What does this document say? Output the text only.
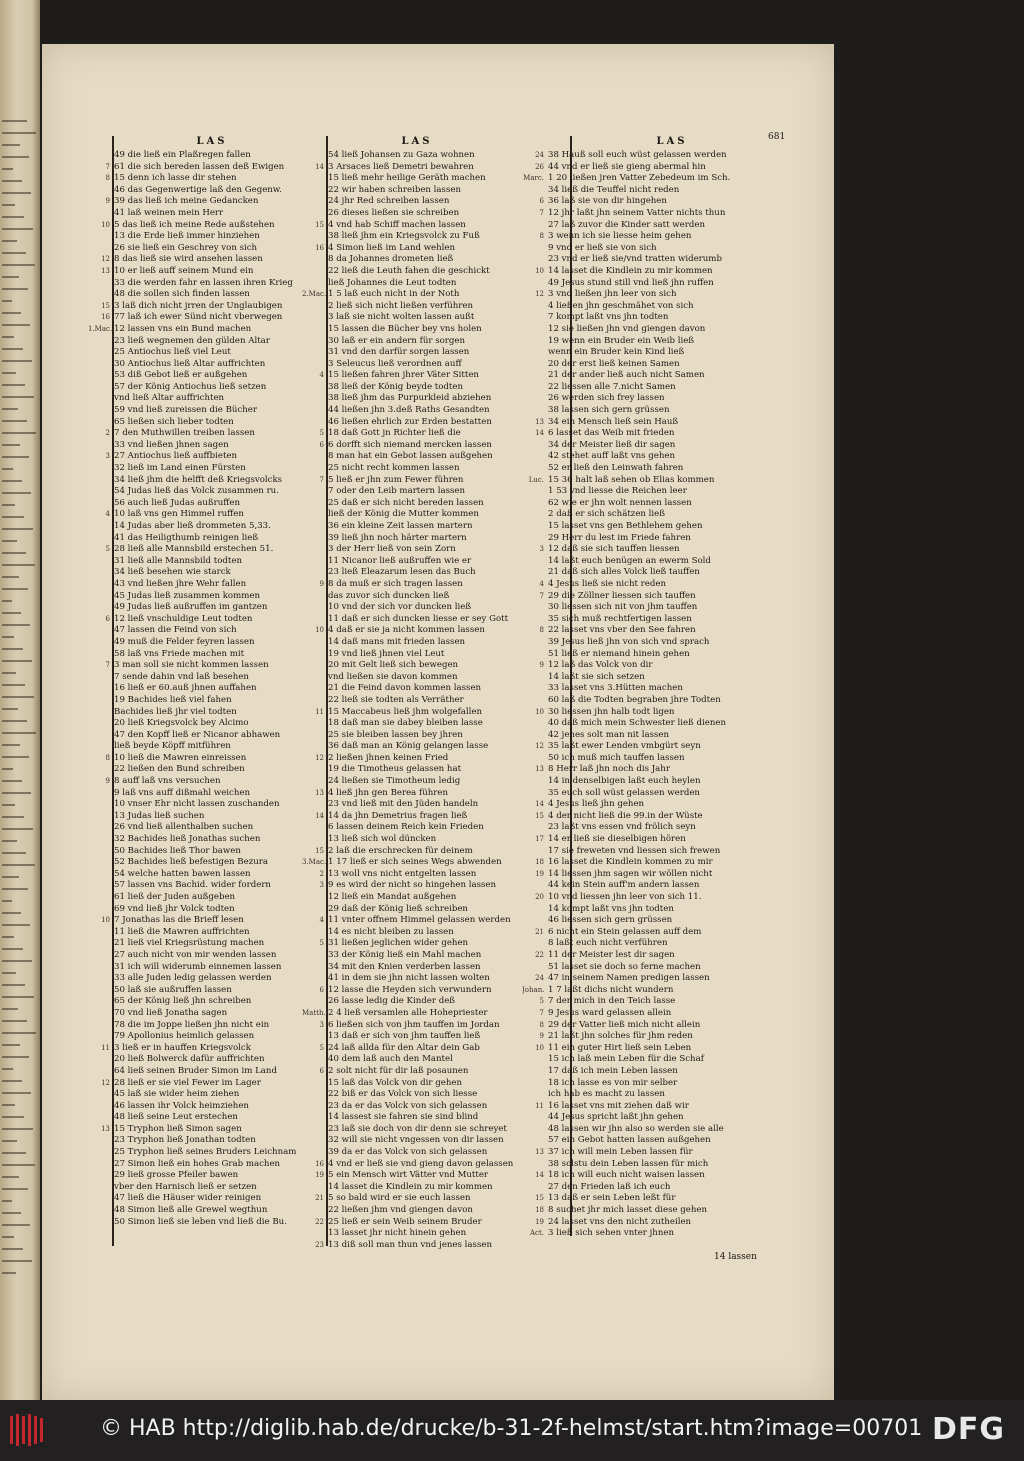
681
LAS
49 die ließ ein Plaßregen fallen
7 61 die sich bereden lassen deß Ewigen
8 15 denn ich lasse dir stehen
46 das Gegenwertige laß den Gegenw.
9 39 das ließ ich meine Gedancken
41 laß weinen mein Herr
10 5 das ließ ich meine Rede außstehen
13 die Erde ließ immer hinziehen
26 sie ließ ein Geschrey von sich
12 8 das ließ sie wird ansehen lassen
13 10 er ließ auff seinem Mund ein
33 die werden fahr en lassen ihren Krieg
48 die sollen sich finden lassen
15 3 laß dich nicht jrren der Unglaubigen
16 77 laß ich ewer Sünd nicht vberwegen
1.Mac. 12 lassen vns ein Bund machen
23 ließ wegnemen den gülden Altar
25 Antiochus ließ viel Leut
30 Antiochus ließ Altar auffrichten
53 diß Gebot ließ er außgehen
57 der König Antiochus ließ setzen
vnd ließ Altar auffrichten
59 vnd ließ zureissen die Bücher
65 ließen sich lieber todten
2 7 den Muthwillen treiben lassen
33 vnd ließen jhnen sagen
3 27 Antiochus ließ auffbieten
32 ließ im Land einen Fürsten
34 ließ jhm die helfft deß Kriegsvolcks
54 Judas ließ das Volck zusammen ru.
56 auch ließ Judas außruffen
4 10 laß vns gen Himmel ruffen
14 Judas aber ließ drommeten 5,33.
41 das Heiligthumb reinigen ließ
5 28 ließ alle Mannsbild erstechen 51.
31 ließ alle Mannsbild todten
34 ließ besehen wie starck
43 vnd ließen jhre Wehr fallen
45 Judas ließ zusammen kommen
49 Judas ließ außruffen im gantzen
6 12 ließ vnschuldige Leut todten
47 lassen die Feind von sich
49 muß die Felder feyren lassen
58 laß vns Friede machen mit
7 3 man soll sie nicht kommen lassen
7 sende dahin vnd laß besehen
16 ließ er 60.auß jhnen auffahen
19 Bachides ließ viel fahen
Bachides ließ jhr viel todten
20 ließ Kriegsvolck bey Alcimo
47 den Kopff ließ er Nicanor abhawen
ließ beyde Köpff mitführen
8 10 ließ die Mawren einreissen
22 ließen den Bund schreiben
9 8 auff laß vns versuchen
9 laß vns auff dißmahl weichen
10 vnser Ehr nicht lassen zuschanden
13 Judas ließ suchen
26 vnd ließ allenthalben suchen
32 Bachides ließ Jonathas suchen
50 Bachides ließ Thor bawen
52 Bachides ließ befestigen Bezura
54 welche hatten bawen lassen
57 lassen vns Bachid. wider fordern
61 ließ der Juden außgeben
69 vnd ließ jhr Volck todten
10 7 Jonathas las die Brieff lesen
11 ließ die Mawren auffrichten
21 ließ viel Kriegsrüstung machen
27 auch nicht von mir wenden lassen
31 ich will widerumb einnemen lassen
33 alle Juden ledig gelassen werden
50 laß sie außruffen lassen
65 der König ließ jhn schreiben
70 vnd ließ Jonatha sagen
78 die im Joppe ließen jhn nicht ein
79 Apollonius heimlich gelassen
11 3 ließ er in hauffen Kriegsvolck
20 ließ Bolwerck dafür auffrichten
64 ließ seinen Bruder Simon im Land
12 28 ließ er sie viel Fewer im Lager
45 laß sie wider heim ziehen
46 lassen ihr Volck heimziehen
48 ließ seine Leut erstechen
13 15 Tryphon ließ Simon sagen
23 Tryphon ließ Jonathan todten
25 Tryphon ließ seines Bruders Leichnam
27 Simon ließ ein hohes Grab machen
29 ließ grosse Pfeiler bawen
vber den Harnisch ließ er setzen
47 ließ die Häuser wider reinigen
48 Simon ließ alle Grewel wegthun
50 Simon ließ sie leben vnd ließ die Bu.
LAS
54 ließ Johansen zu Gaza wohnen
14 3 Arsaces ließ Demetri bewahren
15 ließ mehr heilige Geräth machen
22 wir haben schreiben lassen
24 jhr Red schreiben lassen
26 dieses ließen sie schreiben
15 4 vnd hab Schiff machen lassen
38 ließ jhm ein Kriegsvolck zu Fuß
16 4 Simon ließ im Land wehlen
8 da Johannes drometen ließ
22 ließ die Leuth fahen die geschickt
ließ Johannes die Leut todten
2.Mac. 1 5 laß euch nicht in der Noth
2 ließ sich nicht ließen verführen
3 laß sie nicht wolten lassen außt
15 lassen die Bücher bey vns holen
30 laß er ein andern für sorgen
31 vnd den darfür sorgen lassen
3 Seleucus ließ verordnen auff
4 15 ließen fahren jhrer Väter Sitten
38 ließ der König beyde todten
38 ließ jhm das Purpurkleid abziehen
44 ließen jhn 3.deß Raths Gesandten
46 ließen ehrlich zur Erden bestatten
5 18 daß Gott jn Richter ließ die
6 6 dorfft sich niemand mercken lassen
8 man hat ein Gebot lassen außgehen
25 nicht recht kommen lassen
7 5 ließ er jhn zum Fewer führen
7 oder den Leib martern lassen
25 daß er sich nicht bereden lassen
ließ der König die Mutter kommen
36 ein kleine Zeit lassen martern
39 ließ jhn noch härter martern
3 der Herr ließ von sein Zorn
11 Nicanor ließ außruffen wie er
23 ließ Eleazarum lesen das Buch
9 8 da muß er sich tragen lassen
das zuvor sich duncken ließ
10 vnd der sich vor duncken ließ
11 daß er sich duncken liesse er sey Gott
10 4 daß er sie ja nicht kommen lassen
14 daß mans mit frieden lassen
19 vnd ließ jhnen viel Leut
20 mit Gelt ließ sich bewegen
vnd ließen sie davon kommen
21 die Feind davon kommen lassen
22 ließ sie todten als Verräther
11 15 Maccabeus ließ jhm wolgefallen
18 daß man sie dabey bleiben lasse
25 sie bleiben lassen bey jhren
36 daß man an König gelangen lasse
12 2 ließen jhnen keinen Fried
19 die Timotheus gelassen hat
24 ließen sie Timotheum ledig
13 4 ließ jhn gen Berea führen
23 vnd ließ mit den Jüden handeln
14 14 da jhn Demetrius fragen ließ
6 lassen deinem Reich kein Frieden
13 ließ sich wol düncken
15 2 laß die erschrecken für deinem
3.Mac. 1 17 ließ er sich seines Wegs abwenden
2 13 woll vns nicht entgelten lassen
3 9 es wird der nicht so hingehen lassen
12 ließ ein Mandat außgehen
29 daß der König ließ schreiben
4 11 vnter offnem Himmel gelassen werden
14 es nicht bleiben zu lassen
5 31 ließen jeglichen wider gehen
33 der König ließ ein Mahl machen
34 mit den Knien verderben lassen
41 in dem sie jhn nicht lassen wolten
6 12 lasse die Heyden sich verwundern
26 lasse ledig die Kinder deß
Matth. 2 4 ließ versamlen alle Hohepriester
3 6 ließen sich von jhm tauffen im Jordan
13 daß er sich von jhm tauffen ließ
5 24 laß allda für den Altar dein Gab
40 dem laß auch den Mantel
6 2 solt nicht für dir laß posaunen
15 laß das Volck von dir gehen
22 biß er das Volck von sich liesse
23 da er das Volck von sich gelassen
14 lassest sie fahren sie sind blind
23 laß sie doch von dir denn sie schreyet
32 will sie nicht vngessen von dir lassen
39 da er das Volck von sich gelassen
16 4 vnd er ließ sie vnd gieng davon gelassen
19 5 ein Mensch wirt Vätter vnd Mutter
14 lasset die Kindlein zu mir kommen
21 5 so bald wird er sie euch lassen
22 ließen jhm vnd giengen davon
22 25 ließ er sein Weib seinem Bruder
13 lasset jhr nicht hinein gehen
23 13 diß soll man thun vnd jenes lassen
LAS
24 38 Hauß soll euch wüst gelassen werden
26 44 vnd er ließ sie gieng abermal hin
Marc. 1 20 ließen jren Vatter Zebedeum im Sch.
34 ließ die Teuffel nicht reden
6 36 laß sie von dir hingehen
7 12 jhr laßt jhn seinem Vatter nichts thun
27 laß zuvor die Kinder satt werden
8 3 wenn ich sie liesse heim gehen
9 vnd er ließ sie von sich
23 vnd er ließ sie/vnd tratten widerumb
10 14 lasset die Kindlein zu mir kommen
49 Jesus stund still vnd ließ jhn ruffen
12 3 vnd ließen jhn leer von sich
4 ließen jhn geschmähet von sich
7 kompt laßt vns jhn todten
12 sie ließen jhn vnd giengen davon
19 wenn ein Bruder ein Weib ließ
wenn ein Bruder kein Kind ließ
20 der erst ließ keinen Samen
21 der ander ließ auch nicht Samen
22 liessen alle 7.nicht Samen
26 werden sich frey lassen
38 lassen sich gern grüssen
13 34 ein Mensch ließ sein Hauß
14 6 lasset das Weib mit frieden
34 der Meister ließ dir sagen
42 stehet auff laßt vns gehen
52 er ließ den Leinwath fahren
Luc. 15 36 halt laß sehen ob Elias kommen
1 53 vnd liesse die Reichen leer
62 wie er jhn wolt nennen lassen
2 daß er sich schätzen ließ
15 lasset vns gen Bethlehem gehen
29 Herr du lest im Friede fahren
3 12 daß sie sich tauffen liessen
14 laßt euch benügen an ewerm Sold
21 daß sich alles Volck ließ tauffen
4 4 Jesus ließ sie nicht reden
7 29 die Zöllner liessen sich tauffen
30 liessen sich nit von jhm tauffen
35 sich muß rechtfertigen lassen
8 22 lasset vns vber den See fahren
39 Jesus ließ jhn von sich vnd sprach
51 ließ er niemand hinein gehen
9 12 laß das Volck von dir
14 laßt sie sich setzen
33 lasset vns 3.Hütten machen
60 laß die Todten begraben jhre Todten
10 30 liessen jhn halb todt ligen
40 daß mich mein Schwester ließ dienen
42 jenes solt man nit lassen
12 35 laßt ewer Lenden vmbgürt seyn
50 ich muß mich tauffen lassen
13 8 Herr laß jhn noch dis Jahr
14 in denselbigen laßt euch heylen
35 euch soll wüst gelassen werden
14 4 Jesus ließ jhn gehen
15 4 der nicht ließ die 99.in der Wüste
23 laßt vns essen vnd frölich seyn
17 14 er ließ sie dieselbigen hören
17 sie freweten vnd liessen sich frewen
18 16 lasset die Kindlein kommen zu mir
19 14 liessen jhm sagen wir wöllen nicht
44 kein Stein auff'm andern lassen
20 10 vnd liessen jhn leer von sich 11.
14 kompt laßt vns jhn todten
46 liessen sich gern grüssen
21 6 nicht ein Stein gelassen auff dem
8 laßt euch nicht verführen
22 11 der Meister lest dir sagen
51 lasset sie doch so ferne machen
24 47 in seinem Namen predigen lassen
Johan. 1 7 laßt dichs nicht wundern
5 7 der mich in den Teich lasse
7 9 Jesus ward gelassen allein
8 29 der Vatter ließ mich nicht allein
9 21 laßt jhn solches für jhm reden
10 11 ein guter Hirt ließ sein Leben
15 ich laß mein Leben für die Schaf
17 daß ich mein Leben lassen
18 ich lasse es von mir selber
ich hab es macht zu lassen
11 16 lasset vns mit ziehen daß wir
44 Jesus spricht laßt jhn gehen
48 lassen wir jhn also so werden sie alle
57 ein Gebot hatten lassen außgehen
13 37 ich will mein Leben lassen für
38 solstu dein Leben lassen für mich
14 18 ich will euch nicht waisen lassen
27 den Frieden laß ich euch
15 13 daß er sein Leben leßt für
18 8 suchet jhr mich lasset diese gehen
19 24 lasset vns den nicht zutheilen
Act. 3 ließ sich sehen vnter jhnen
14 lassen
© HAB http://diglib.hab.de/drucke/b-31-2f-helmst/start.htm?image=00701 DFG
